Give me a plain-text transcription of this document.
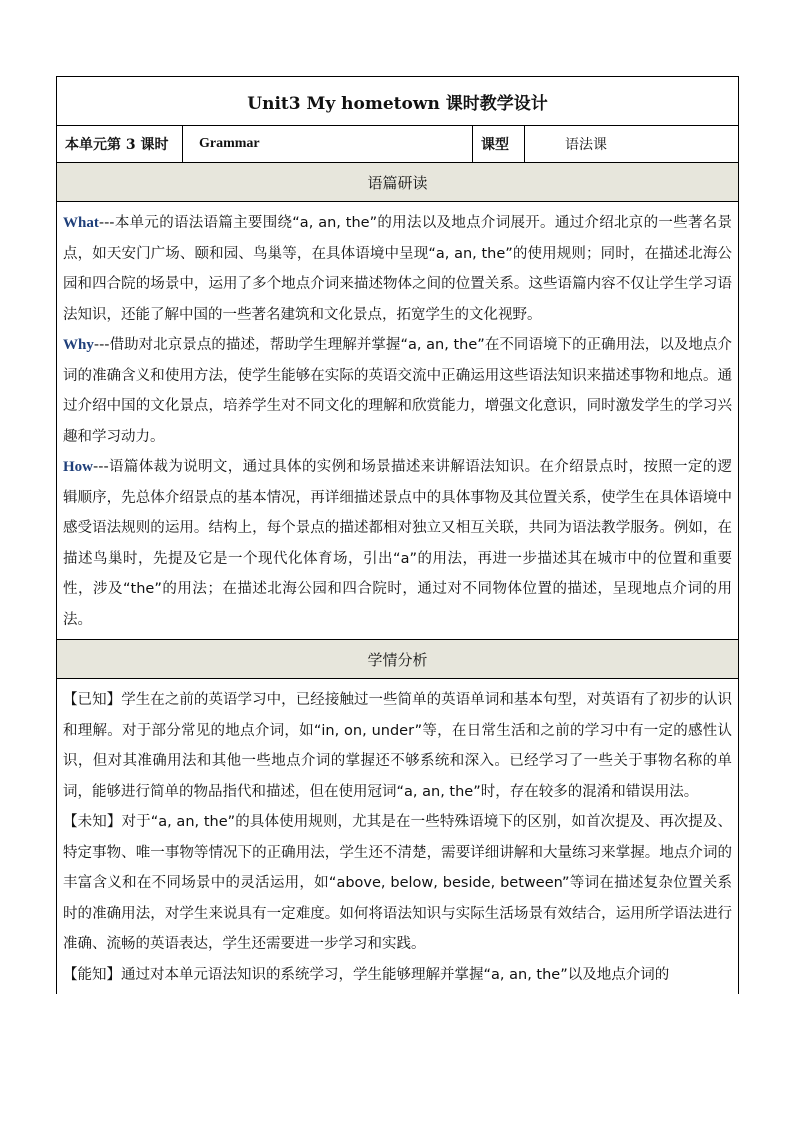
Unit3 My hometown 课时教学设计
本单元第 3 课时	Grammar	课型	语法课
语篇研读

What---本单元的语法语篇主要围绕“a, an, the”的用法以及地点介词展开。通过介绍北京的一些著名景点，如天安门广场、颐和园、鸟巢等，在具体语境中呈现“a, an, the”的使用规则；同时，在描述北海公园和四合院的场景中，运用了多个地点介词来描述物体之间的位置关系。这些语篇内容不仅让学生学习语法知识，还能了解中国的一些著名建筑和文化景点，拓宽学生的文化视野。

Why---借助对北京景点的描述，帮助学生理解并掌握“a, an, the”在不同语境下的正确用法，以及地点介词的准确含义和使用方法，使学生能够在实际的英语交流中正确运用这些语法知识来描述事物和地点。通过介绍中国的文化景点，培养学生对不同文化的理解和欣赏能力，增强文化意识，同时激发学生的学习兴趣和学习动力。

How---语篇体裁为说明文，通过具体的实例和场景描述来讲解语法知识。在介绍景点时，按照一定的逻辑顺序，先总体介绍景点的基本情况，再详细描述景点中的具体事物及其位置关系，使学生在具体语境中感受语法规则的运用。结构上，每个景点的描述都相对独立又相互关联，共同为语法教学服务。例如，在描述鸟巢时，先提及它是一个现代化体育场，引出“a”的用法，再进一步描述其在城市中的位置和重要性，涉及“the”的用法；在描述北海公园和四合院时，通过对不同物体位置的描述，呈现地点介词的用法。

学情分析

【已知】学生在之前的英语学习中，已经接触过一些简单的英语单词和基本句型，对英语有了初步的认识和理解。对于部分常见的地点介词，如“in, on, under”等，在日常生活和之前的学习中有一定的感性认识，但对其准确用法和其他一些地点介词的掌握还不够系统和深入。已经学习了一些关于事物名称的单词，能够进行简单的物品指代和描述，但在使用冠词“a, an, the”时，存在较多的混淆和错误用法。

【未知】对于“a, an, the”的具体使用规则，尤其是在一些特殊语境下的区别，如首次提及、再次提及、特定事物、唯一事物等情况下的正确用法，学生还不清楚，需要详细讲解和大量练习来掌握。地点介词的丰富含义和在不同场景中的灵活运用，如“above, below, beside, between”等词在描述复杂位置关系时的准确用法，对学生来说具有一定难度。如何将语法知识与实际生活场景有效结合，运用所学语法进行准确、流畅的英语表达，学生还需要进一步学习和实践。

【能知】通过对本单元语法知识的系统学习，学生能够理解并掌握“a, an, the”以及地点介词的
